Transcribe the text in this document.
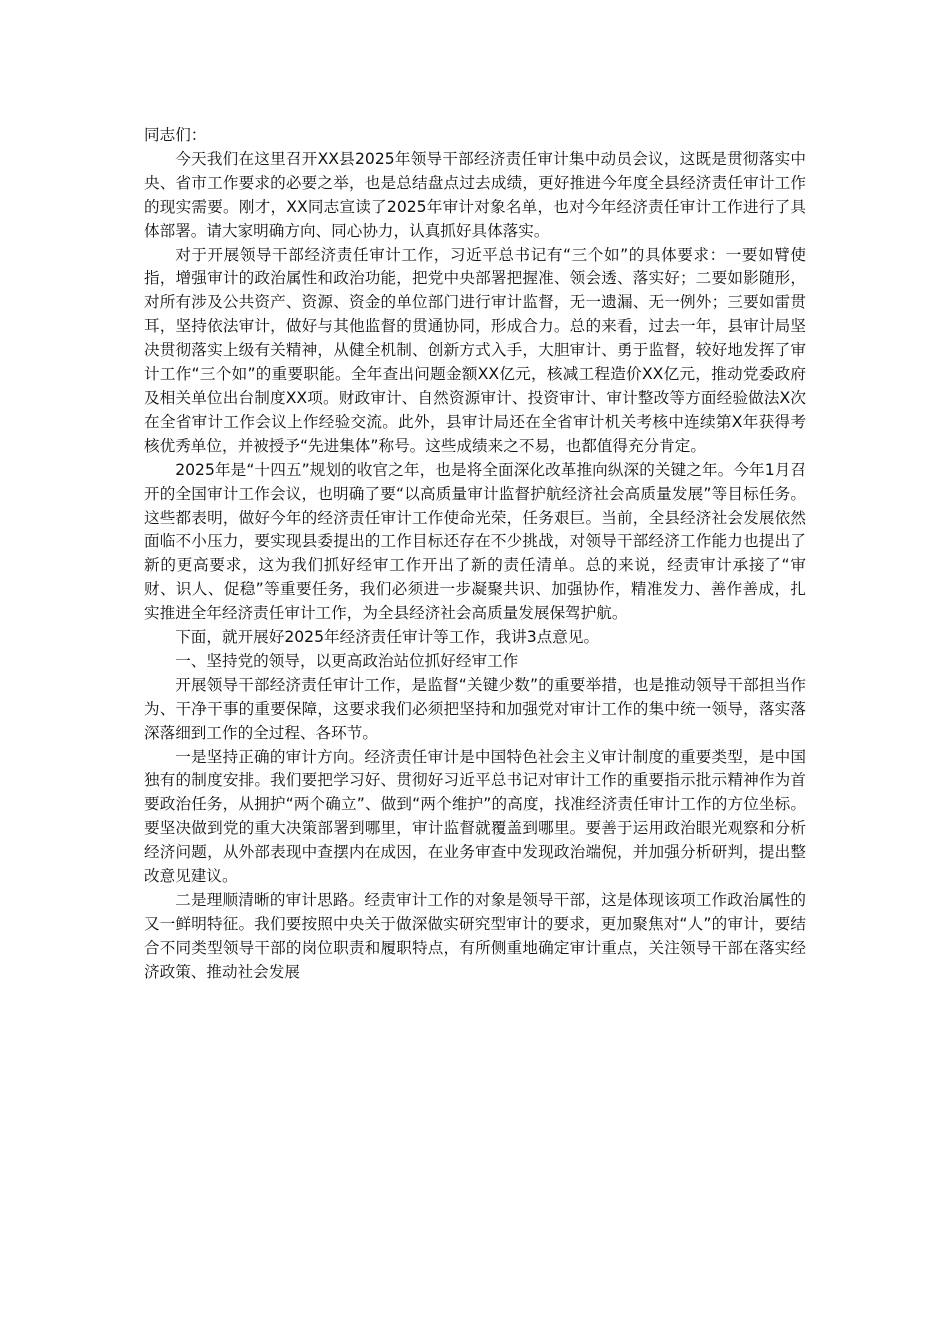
同志们：

今天我们在这里召开XX县2025年领导干部经济责任审计集中动员会议，这既是贯彻落实中央、省市工作要求的必要之举，也是总结盘点过去成绩，更好推进今年度全县经济责任审计工作的现实需要。刚才，XX同志宣读了2025年审计对象名单，也对今年经济责任审计工作进行了具体部署。请大家明确方向、同心协力，认真抓好具体落实。

对于开展领导干部经济责任审计工作，习近平总书记有“三个如”的具体要求：一要如臂使指，增强审计的政治属性和政治功能，把党中央部署把握准、领会透、落实好；二要如影随形，对所有涉及公共资产、资源、资金的单位部门进行审计监督，无一遗漏、无一例外；三要如雷贯耳，坚持依法审计，做好与其他监督的贯通协同，形成合力。总的来看，过去一年，县审计局坚决贯彻落实上级有关精神，从健全机制、创新方式入手，大胆审计、勇于监督，较好地发挥了审计工作“三个如”的重要职能。全年查出问题金额XX亿元，核减工程造价XX亿元，推动党委政府及相关单位出台制度XX项。财政审计、自然资源审计、投资审计、审计整改等方面经验做法X次在全省审计工作会议上作经验交流。此外，县审计局还在全省审计机关考核中连续第X年获得考核优秀单位，并被授予“先进集体”称号。这些成绩来之不易，也都值得充分肯定。

2025年是“十四五”规划的收官之年，也是将全面深化改革推向纵深的关键之年。今年1月召开的全国审计工作会议，也明确了要“以高质量审计监督护航经济社会高质量发展”等目标任务。这些都表明，做好今年的经济责任审计工作使命光荣，任务艰巨。当前，全县经济社会发展依然面临不小压力，要实现县委提出的工作目标还存在不少挑战，对领导干部经济工作能力也提出了新的更高要求，这为我们抓好经审工作开出了新的责任清单。总的来说，经责审计承接了“审财、识人、促稳”等重要任务，我们必须进一步凝聚共识、加强协作，精准发力、善作善成，扎实推进全年经济责任审计工作，为全县经济社会高质量发展保驾护航。

下面，就开展好2025年经济责任审计等工作，我讲3点意见。

一、坚持党的领导，以更高政治站位抓好经审工作

开展领导干部经济责任审计工作，是监督“关键少数”的重要举措，也是推动领导干部担当作为、干净干事的重要保障，这要求我们必须把坚持和加强党对审计工作的集中统一领导，落实落深落细到工作的全过程、各环节。

一是坚持正确的审计方向。经济责任审计是中国特色社会主义审计制度的重要类型，是中国独有的制度安排。我们要把学习好、贯彻好习近平总书记对审计工作的重要指示批示精神作为首要政治任务，从拥护“两个确立”、做到“两个维护”的高度，找准经济责任审计工作的方位坐标。要坚决做到党的重大决策部署到哪里，审计监督就覆盖到哪里。要善于运用政治眼光观察和分析经济问题，从外部表现中查摆内在成因，在业务审查中发现政治端倪，并加强分析研判，提出整改意见建议。

二是理顺清晰的审计思路。经责审计工作的对象是领导干部，这是体现该项工作政治属性的又一鲜明特征。我们要按照中央关于做深做实研究型审计的要求，更加聚焦对“人”的审计，要结合不同类型领导干部的岗位职责和履职特点，有所侧重地确定审计重点，关注领导干部在落实经济政策、推动社会发展
